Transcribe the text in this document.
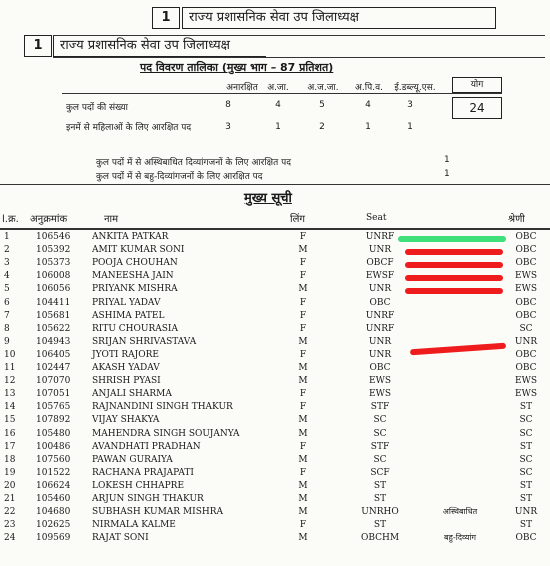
1	राज्य प्रशासनिक सेवा उप जिलाध्यक्ष
1	राज्य प्रशासनिक सेवा उप जिलाध्यक्ष
पद विवरण तालिका (मुख्य भाग – 87 प्रतिशत)
अनारक्षित	अ.जा.	अ.ज.जा.	अ.पि.व.	ई.डब्ल्यू.एस.	योग
कुल पदों की संख्या	8	4	5	4	3	24
इनमें से महिलाओं के लिए आरक्षित पद	3	1	2	1	1
कुल पदों में से अस्थिबाधित दिव्यांगजनों के लिए आरक्षित पद	1
कुल पदों में से बहु-दिव्यांगजनों के लिए आरक्षित पद	1
मुख्य सूची
l.क्र. अनुक्रमांक	नाम	लिंग	Seat	श्रेणी
1	106546 ANKITA PATKAR	F	UNRF	OBC
2	105392 AMIT KUMAR SONI	M	UNR	OBC
3	105373 POOJA CHOUHAN	F	OBCF	OBC
4	106008 MANEESHA JAIN	F	EWSF	EWS
5	106056 PRIYANK MISHRA	M	UNR	EWS
6	104411 PRIYAL YADAV	F	OBC	OBC
7	105681 ASHIMA PATEL	F	UNRF	OBC
8	105622 RITU CHOURASIA	F	UNRF	SC
9	104943 SRIJAN SHRIVASTAVA	M	UNR	UNR
10	106405 JYOTI RAJORE	F	UNR	OBC
11	102447 AKASH YADAV	M	OBC	OBC
12	107070 SHRISH PYASI	M	EWS	EWS
13	107051 ANJALI SHARMA	F	EWS	EWS
14	105765 RAJNANDINI SINGH THAKUR	F	STF	ST
15	107892 VIJAY SHAKYA	M	SC	SC
16	105480 MAHENDRA SINGH SOUJANYA	M	SC	SC
17	100486 AVANDHATI PRADHAN	F	STF	ST
18	107560 PAWAN GURAIYA	M	SC	SC
19	101522 RACHANA PRAJAPATI	F	SCF	SC
20	106624 LOKESH CHHAPRE	M	ST	ST
21	105460 ARJUN SINGH THAKUR	M	ST	ST
22	104680 SUBHASH KUMAR MISHRA	M	UNRHO	अस्थिबाधित	UNR
23	102625 NIRMALA KALME	F	ST	ST
24	109569 RAJAT SONI	M	OBCHM	बहु-दिव्यांग	OBC
